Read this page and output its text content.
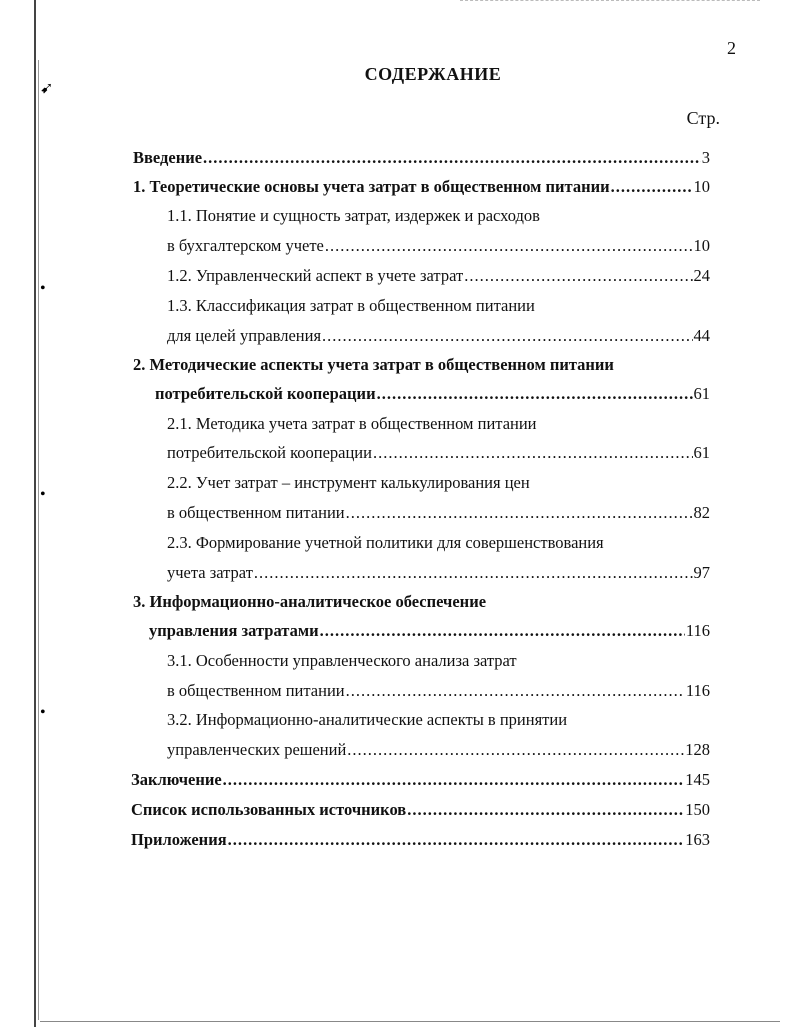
➹
•
•
•
2
СОДЕРЖАНИЕ
Стр.
Введение .....	3
1. Теоретические основы учета затрат в общественном питании .....	10
1.1. Понятие и сущность затрат, издержек и расходов
в бухгалтерском учете .....	10
1.2. Управленческий аспект в учете затрат .....	24
1.3. Классификация затрат в общественном питании
для целей управления .....	44
2. Методические аспекты учета затрат в общественном питании
потребительской кооперации .....	61
2.1. Методика учета затрат в общественном питании
потребительской кооперации .....	61
2.2. Учет затрат – инструмент калькулирования цен
в общественном питании .....	82
2.3. Формирование учетной политики для совершенствования
учета затрат .....	97
3. Информационно-аналитическое обеспечение
управления затратами .....	116
3.1. Особенности управленческого анализа затрат
в общественном питании .....	116
3.2. Информационно-аналитические аспекты в принятии
управленческих решений .....	128
Заключение .....	145
Список использованных источников .....	150
Приложения .....	163
